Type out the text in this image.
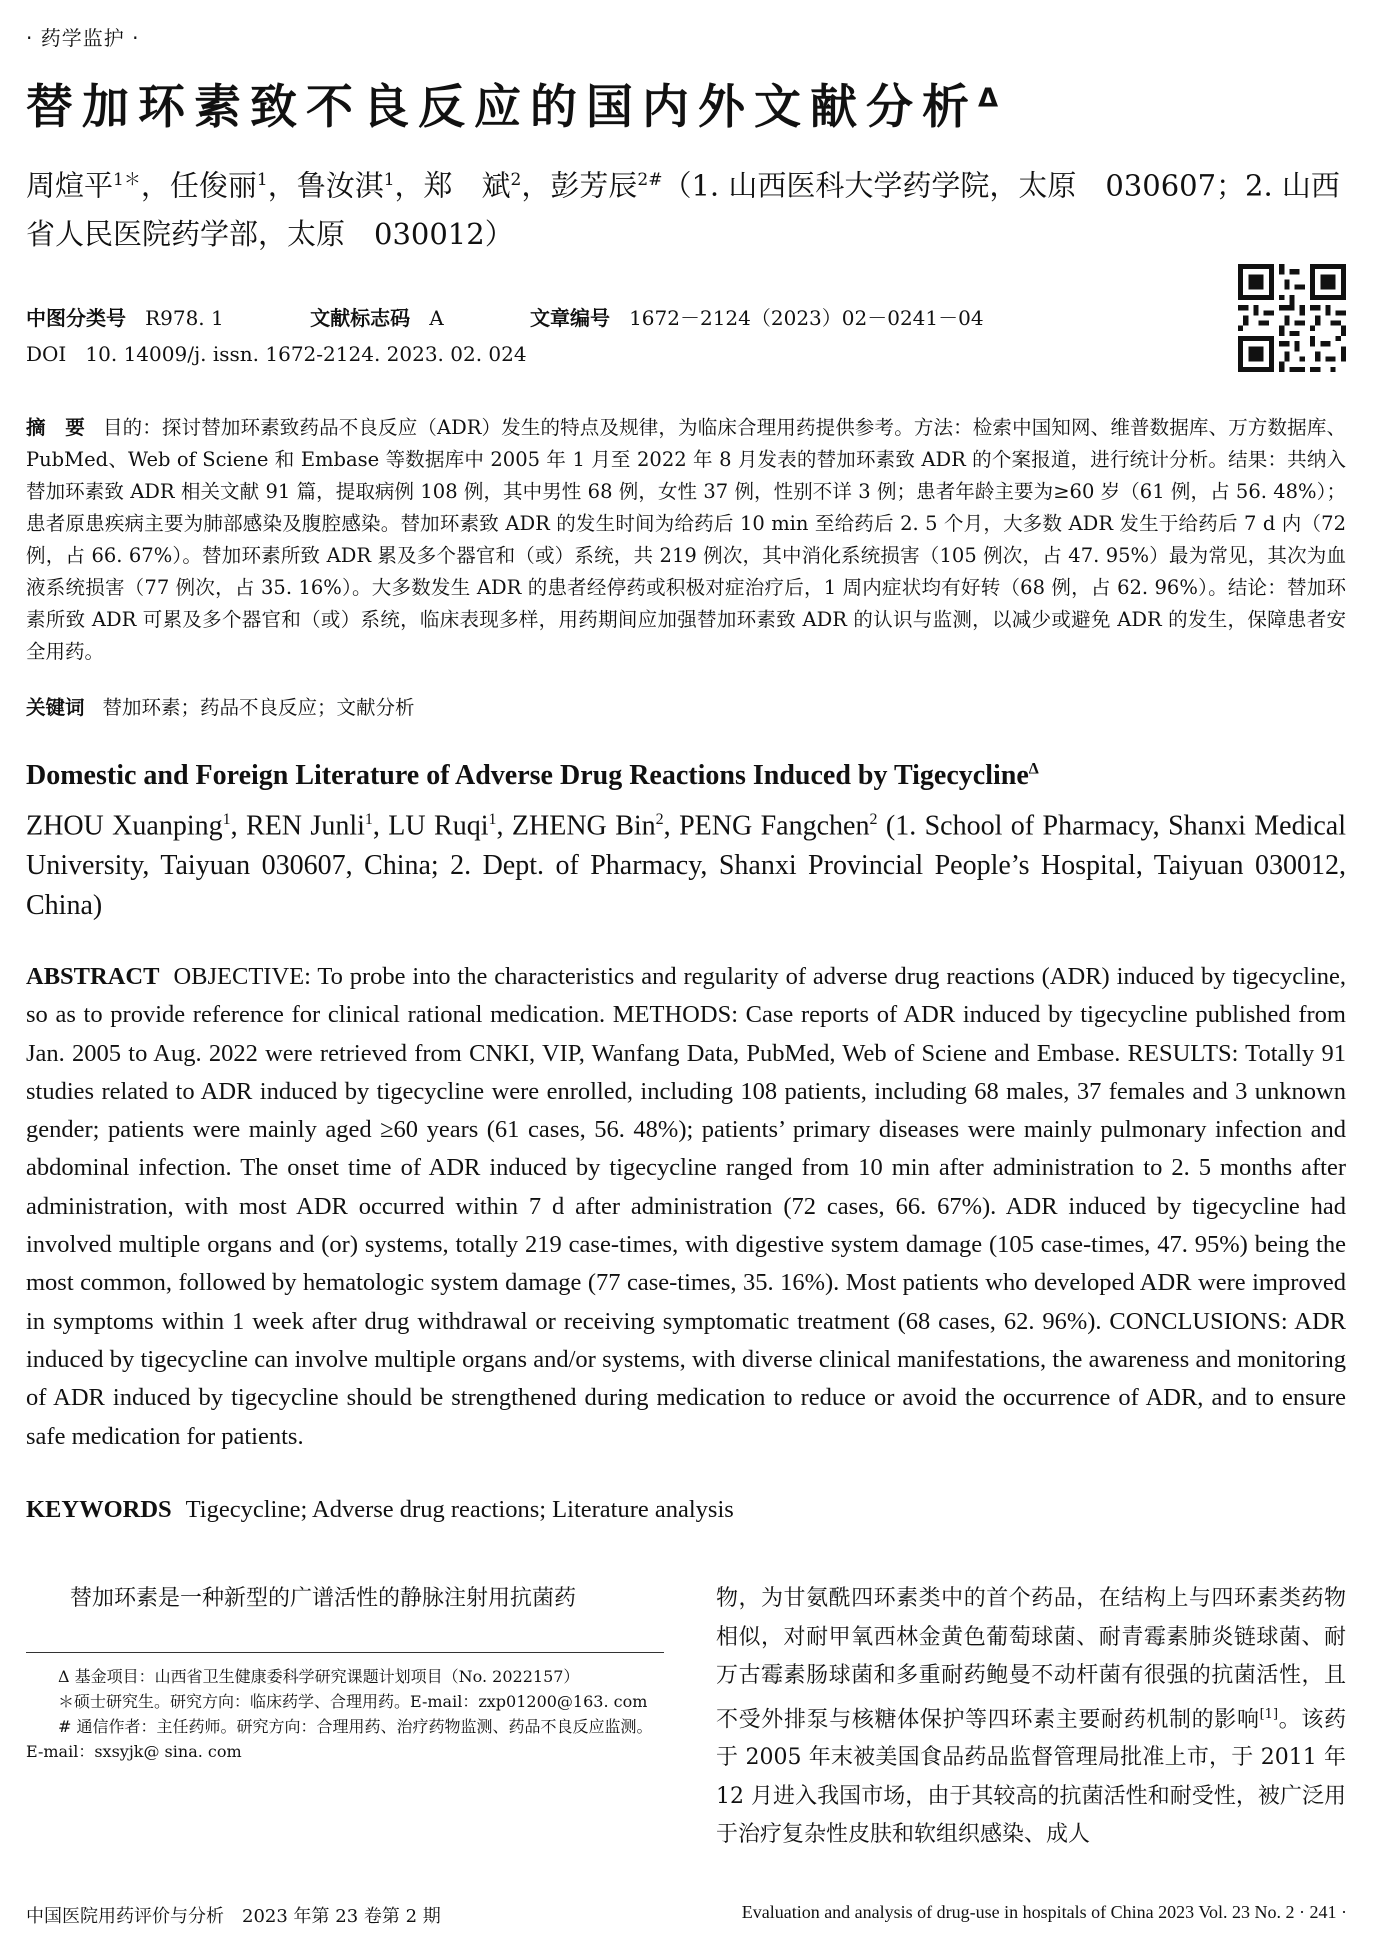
· 药学监护 ·
替加环素致不良反应的国内外文献分析$^\Delta$
周煊平$^{1*}$，任俊丽$^1$，鲁汝淇$^1$，郑　斌$^2$，彭芳辰$^{2\#}$（1. 山西医科大学药学院，太原　030607；2. 山西省人民医院药学部，太原　030012）
中图分类号 R978. 1	文献标志码 A	文章编号 1672－2124（2023）02－0241－04
DOI 10. 14009/j. issn. 1672-2124. 2023. 02. 024
摘　要 目的：探讨替加环素致药品不良反应（ADR）发生的特点及规律，为临床合理用药提供参考。方法：检索中国知网、维普数据库、万方数据库、PubMed、Web of Sciene 和 Embase 等数据库中 2005 年 1 月至 2022 年 8 月发表的替加环素致 ADR 的个案报道，进行统计分析。结果：共纳入替加环素致 ADR 相关文献 91 篇，提取病例 108 例，其中男性 68 例，女性 37 例，性别不详 3 例；患者年龄主要为≥60 岁（61 例，占 56. 48%）；患者原患疾病主要为肺部感染及腹腔感染。替加环素致 ADR 的发生时间为给药后 10 min 至给药后 2. 5 个月，大多数 ADR 发生于给药后 7 d 内（72 例，占 66. 67%）。替加环素所致 ADR 累及多个器官和（或）系统，共 219 例次，其中消化系统损害（105 例次，占 47. 95%）最为常见，其次为血液系统损害（77 例次，占 35. 16%）。大多数发生 ADR 的患者经停药或积极对症治疗后，1 周内症状均有好转（68 例，占 62. 96%）。结论：替加环素所致 ADR 可累及多个器官和（或）系统，临床表现多样，用药期间应加强替加环素致 ADR 的认识与监测，以减少或避免 ADR 的发生，保障患者安全用药。
关键词 替加环素；药品不良反应；文献分析
Domestic and Foreign Literature of Adverse Drug Reactions Induced by Tigecycline$^\Delta$
ZHOU Xuanping$^1$, REN Junli$^1$, LU Ruqi$^1$, ZHENG Bin$^2$, PENG Fangchen$^2$ (1. School of Pharmacy, Shanxi Medical University, Taiyuan 030607, China; 2. Dept. of Pharmacy, Shanxi Provincial People’s Hospital, Taiyuan 030012, China)
ABSTRACT OBJECTIVE: To probe into the characteristics and regularity of adverse drug reactions (ADR) induced by tigecycline, so as to provide reference for clinical rational medication. METHODS: Case reports of ADR induced by tigecycline published from Jan. 2005 to Aug. 2022 were retrieved from CNKI, VIP, Wanfang Data, PubMed, Web of Sciene and Embase. RESULTS: Totally 91 studies related to ADR induced by tigecycline were enrolled, including 108 patients, including 68 males, 37 females and 3 unknown gender; patients were mainly aged ≥60 years (61 cases, 56. 48%); patients’ primary diseases were mainly pulmonary infection and abdominal infection. The onset time of ADR induced by tigecycline ranged from 10 min after administration to 2. 5 months after administration, with most ADR occurred within 7 d after administration (72 cases, 66. 67%). ADR induced by tigecycline had involved multiple organs and (or) systems, totally 219 case-times, with digestive system damage (105 case-times, 47. 95%) being the most common, followed by hematologic system damage (77 case-times, 35. 16%). Most patients who developed ADR were improved in symptoms within 1 week after drug withdrawal or receiving symptomatic treatment (68 cases, 62. 96%). CONCLUSIONS: ADR induced by tigecycline can involve multiple organs and/or systems, with diverse clinical manifestations, the awareness and monitoring of ADR induced by tigecycline should be strengthened during medication to reduce or avoid the occurrence of ADR, and to ensure safe medication for patients.
KEYWORDS Tigecycline; Adverse drug reactions; Literature analysis
替加环素是一种新型的广谱活性的静脉注射用抗菌药

Δ 基金项目：山西省卫生健康委科学研究课题计划项目（No. 2022157）

＊硕士研究生。研究方向：临床药学、合理用药。E-mail：zxp01200@163. com

# 通信作者：主任药师。研究方向：合理用药、治疗药物监测、药品不良反应监测。E-mail：sxsyjk@ sina. com

物，为甘氨酰四环素类中的首个药品，在结构上与四环素类药物相似，对耐甲氧西林金黄色葡萄球菌、耐青霉素肺炎链球菌、耐万古霉素肠球菌和多重耐药鲍曼不动杆菌有很强的抗菌活性，且不受外排泵与核糖体保护等四环素主要耐药机制的影响[1]。该药于 2005 年末被美国食品药品监督管理局批准上市，于 2011 年 12 月进入我国市场，由于其较高的抗菌活性和耐受性，被广泛用于治疗复杂性皮肤和软组织感染、成人
中国医院用药评价与分析　2023 年第 23 卷第 2 期	Evaluation and analysis of drug-use in hospitals of China 2023 Vol. 23 No. 2 · 241 ·
